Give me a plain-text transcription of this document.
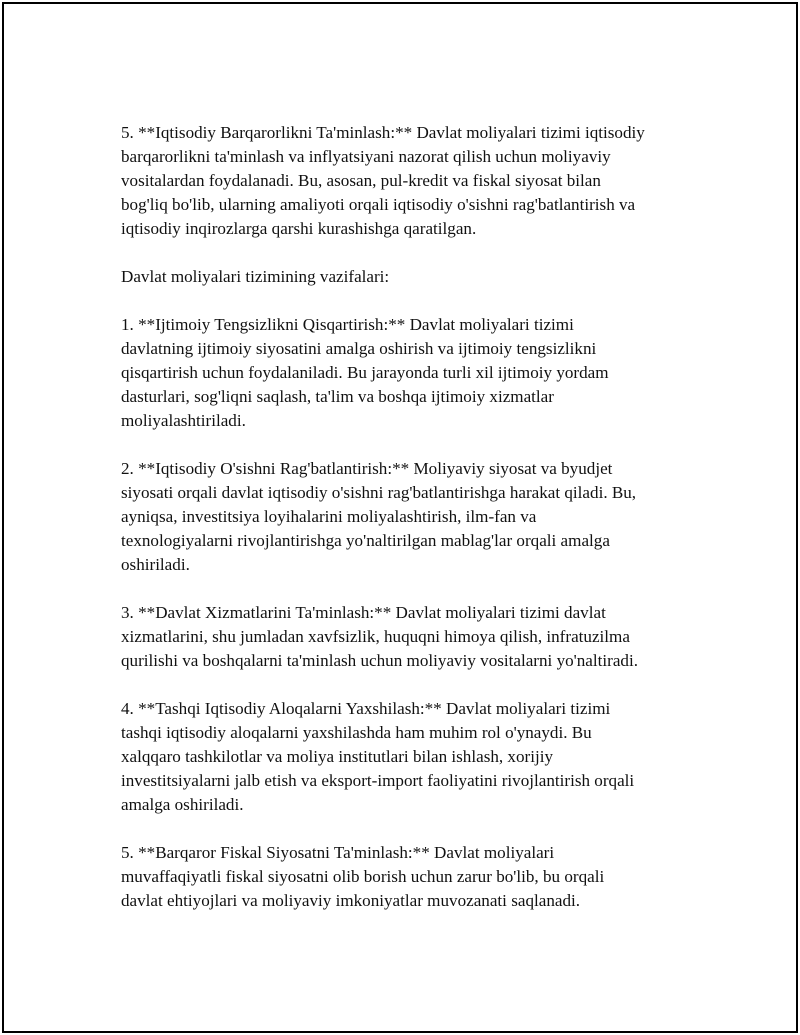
5. **Iqtisodiy Barqarorlikni Ta'minlash:** Davlat moliyalari tizimi iqtisodiy
barqarorlikni ta'minlash va inflyatsiyani nazorat qilish uchun moliyaviy
vositalardan foydalanadi. Bu, asosan, pul-kredit va fiskal siyosat bilan
bog'liq bo'lib, ularning amaliyoti orqali iqtisodiy o'sishni rag'batlantirish va
iqtisodiy inqirozlarga qarshi kurashishga qaratilgan.

Davlat moliyalari tizimining vazifalari:

1. **Ijtimoiy Tengsizlikni Qisqartirish:** Davlat moliyalari tizimi
davlatning ijtimoiy siyosatini amalga oshirish va ijtimoiy tengsizlikni
qisqartirish uchun foydalaniladi. Bu jarayonda turli xil ijtimoiy yordam
dasturlari, sog'liqni saqlash, ta'lim va boshqa ijtimoiy xizmatlar
moliyalashtiriladi.

2. **Iqtisodiy O'sishni Rag'batlantirish:** Moliyaviy siyosat va byudjet
siyosati orqali davlat iqtisodiy o'sishni rag'batlantirishga harakat qiladi. Bu,
ayniqsa, investitsiya loyihalarini moliyalashtirish, ilm-fan va
texnologiyalarni rivojlantirishga yo'naltirilgan mablag'lar orqali amalga
oshiriladi.

3. **Davlat Xizmatlarini Ta'minlash:** Davlat moliyalari tizimi davlat
xizmatlarini, shu jumladan xavfsizlik, huquqni himoya qilish, infratuzilma
qurilishi va boshqalarni ta'minlash uchun moliyaviy vositalarni yo'naltiradi.

4. **Tashqi Iqtisodiy Aloqalarni Yaxshilash:** Davlat moliyalari tizimi
tashqi iqtisodiy aloqalarni yaxshilashda ham muhim rol o'ynaydi. Bu
xalqqaro tashkilotlar va moliya institutlari bilan ishlash, xorijiy
investitsiyalarni jalb etish va eksport-import faoliyatini rivojlantirish orqali
amalga oshiriladi.

5. **Barqaror Fiskal Siyosatni Ta'minlash:** Davlat moliyalari
muvaffaqiyatli fiskal siyosatni olib borish uchun zarur bo'lib, bu orqali
davlat ehtiyojlari va moliyaviy imkoniyatlar muvozanati saqlanadi.
